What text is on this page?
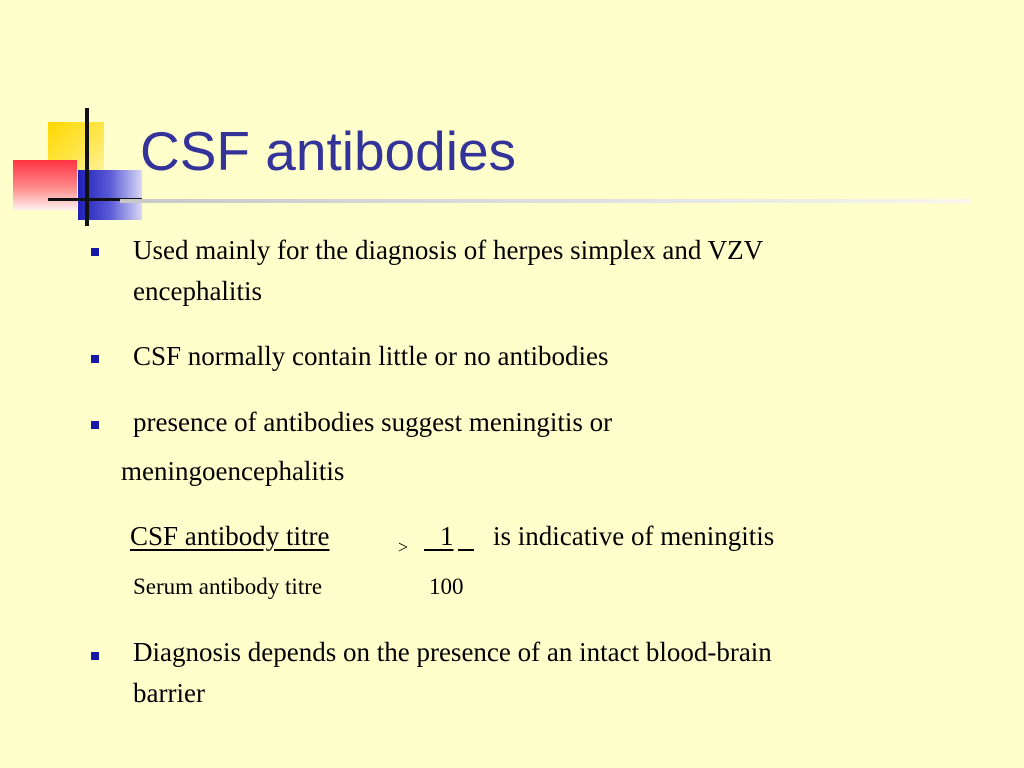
CSF antibodies
Used mainly for the diagnosis of herpes simplex and VZV
encephalitis
CSF normally contain little or no antibodies
presence of antibodies suggest meningitis or
meningoencephalitis
CSF antibody titre	> 1 is indicative of meningitis
Serum antibody titre	100
Diagnosis depends on the presence of an intact blood-brain
barrier
